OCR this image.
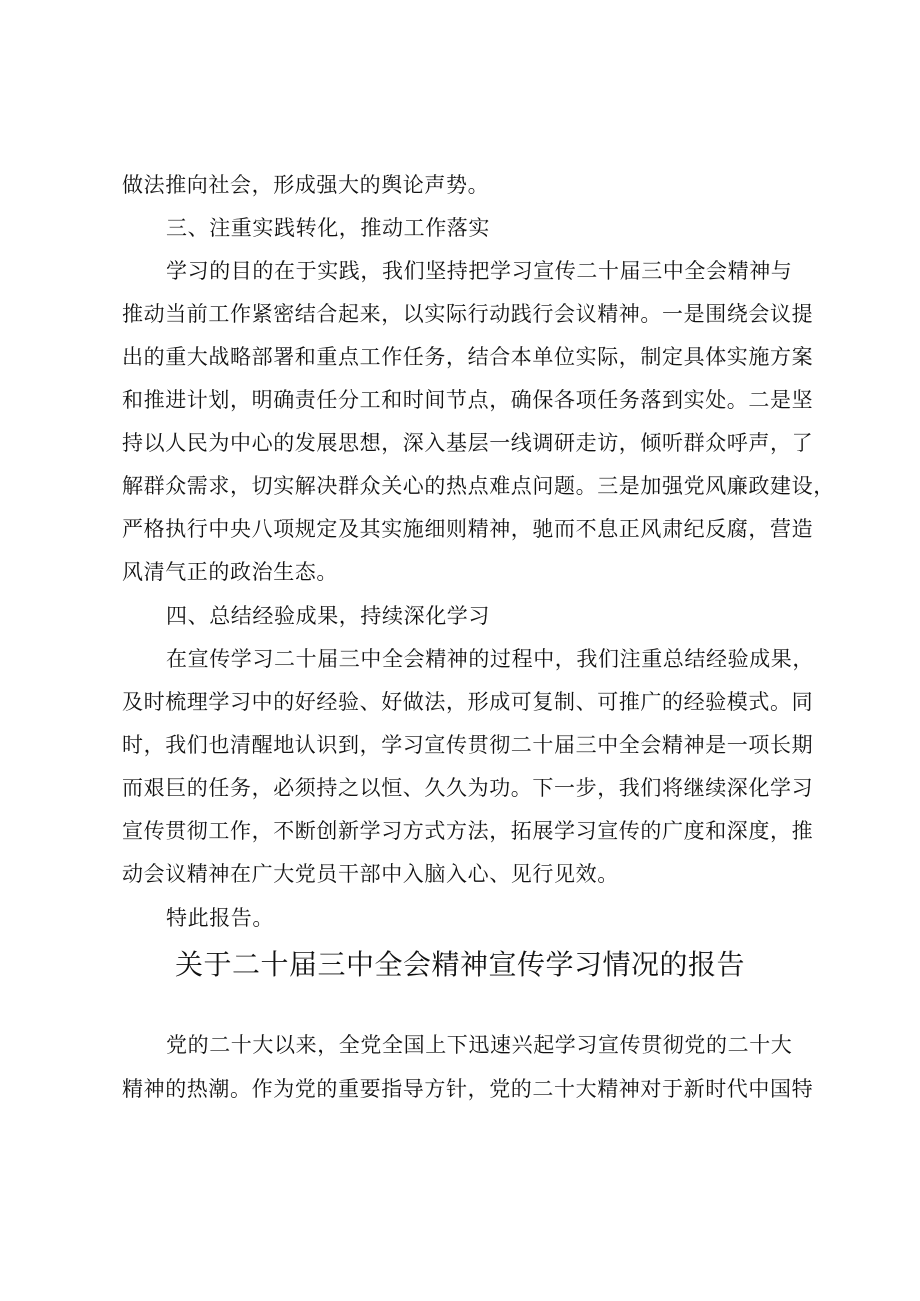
做法推向社会，形成强大的舆论声势。
三、注重实践转化，推动工作落实
学习的目的在于实践，我们坚持把学习宣传二十届三中全会精神与
推动当前工作紧密结合起来，以实际行动践行会议精神。一是围绕会议提
出的重大战略部署和重点工作任务，结合本单位实际，制定具体实施方案
和推进计划，明确责任分工和时间节点，确保各项任务落到实处。二是坚
持以人民为中心的发展思想，深入基层一线调研走访，倾听群众呼声，了
解群众需求，切实解决群众关心的热点难点问题。三是加强党风廉政建设，
严格执行中央八项规定及其实施细则精神，驰而不息正风肃纪反腐，营造
风清气正的政治生态。
四、总结经验成果，持续深化学习
在宣传学习二十届三中全会精神的过程中，我们注重总结经验成果，
及时梳理学习中的好经验、好做法，形成可复制、可推广的经验模式。同
时，我们也清醒地认识到，学习宣传贯彻二十届三中全会精神是一项长期
而艰巨的任务，必须持之以恒、久久为功。下一步，我们将继续深化学习
宣传贯彻工作，不断创新学习方式方法，拓展学习宣传的广度和深度，推
动会议精神在广大党员干部中入脑入心、见行见效。
特此报告。
关于二十届三中全会精神宣传学习情况的报告
党的二十大以来，全党全国上下迅速兴起学习宣传贯彻党的二十大
精神的热潮。作为党的重要指导方针，党的二十大精神对于新时代中国特
